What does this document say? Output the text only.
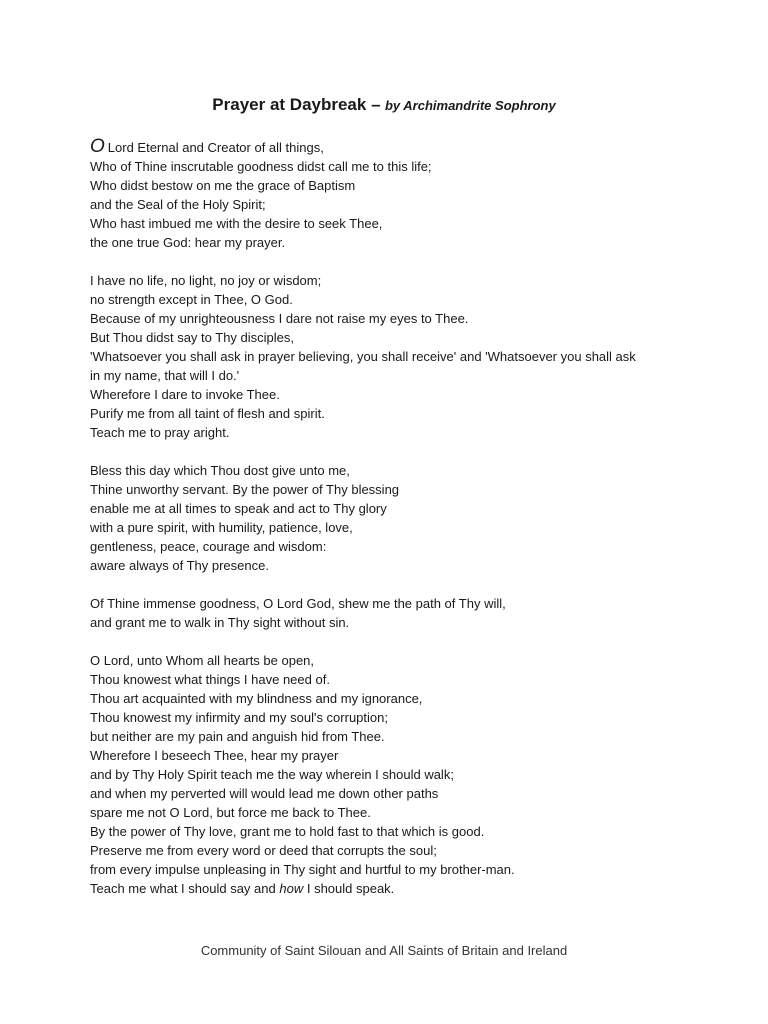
Prayer at Daybreak – by Archimandrite Sophrony
O Lord Eternal and Creator of all things,
Who of Thine inscrutable goodness didst call me to this life;
Who didst bestow on me the grace of Baptism
and the Seal of the Holy Spirit;
Who hast imbued me with the desire to seek Thee,
the one true God: hear my prayer.
I have no life, no light, no joy or wisdom;
no strength except in Thee, O God.
Because of my unrighteousness I dare not raise my eyes to Thee.
But Thou didst say to Thy disciples,
'Whatsoever you shall ask in prayer believing, you shall receive' and 'Whatsoever you shall ask
in my name, that will I do.'
Wherefore I dare to invoke Thee.
Purify me from all taint of flesh and spirit.
Teach me to pray aright.
Bless this day which Thou dost give unto me,
Thine unworthy servant. By the power of Thy blessing
enable me at all times to speak and act to Thy glory
with a pure spirit, with humility, patience, love,
gentleness, peace, courage and wisdom:
aware always of Thy presence.
Of Thine immense goodness, O Lord God, shew me the path of Thy will,
and grant me to walk in Thy sight without sin.
O Lord, unto Whom all hearts be open,
Thou knowest what things I have need of.
Thou art acquainted with my blindness and my ignorance,
Thou knowest my infirmity and my soul's corruption;
but neither are my pain and anguish hid from Thee.
Wherefore I beseech Thee, hear my prayer
and by Thy Holy Spirit teach me the way wherein I should walk;
and when my perverted will would lead me down other paths
spare me not O Lord, but force me back to Thee.
By the power of Thy love, grant me to hold fast to that which is good.
Preserve me from every word or deed that corrupts the soul;
from every impulse unpleasing in Thy sight and hurtful to my brother-man.
Teach me what I should say and how I should speak.
Community of Saint Silouan and All Saints of Britain and Ireland
